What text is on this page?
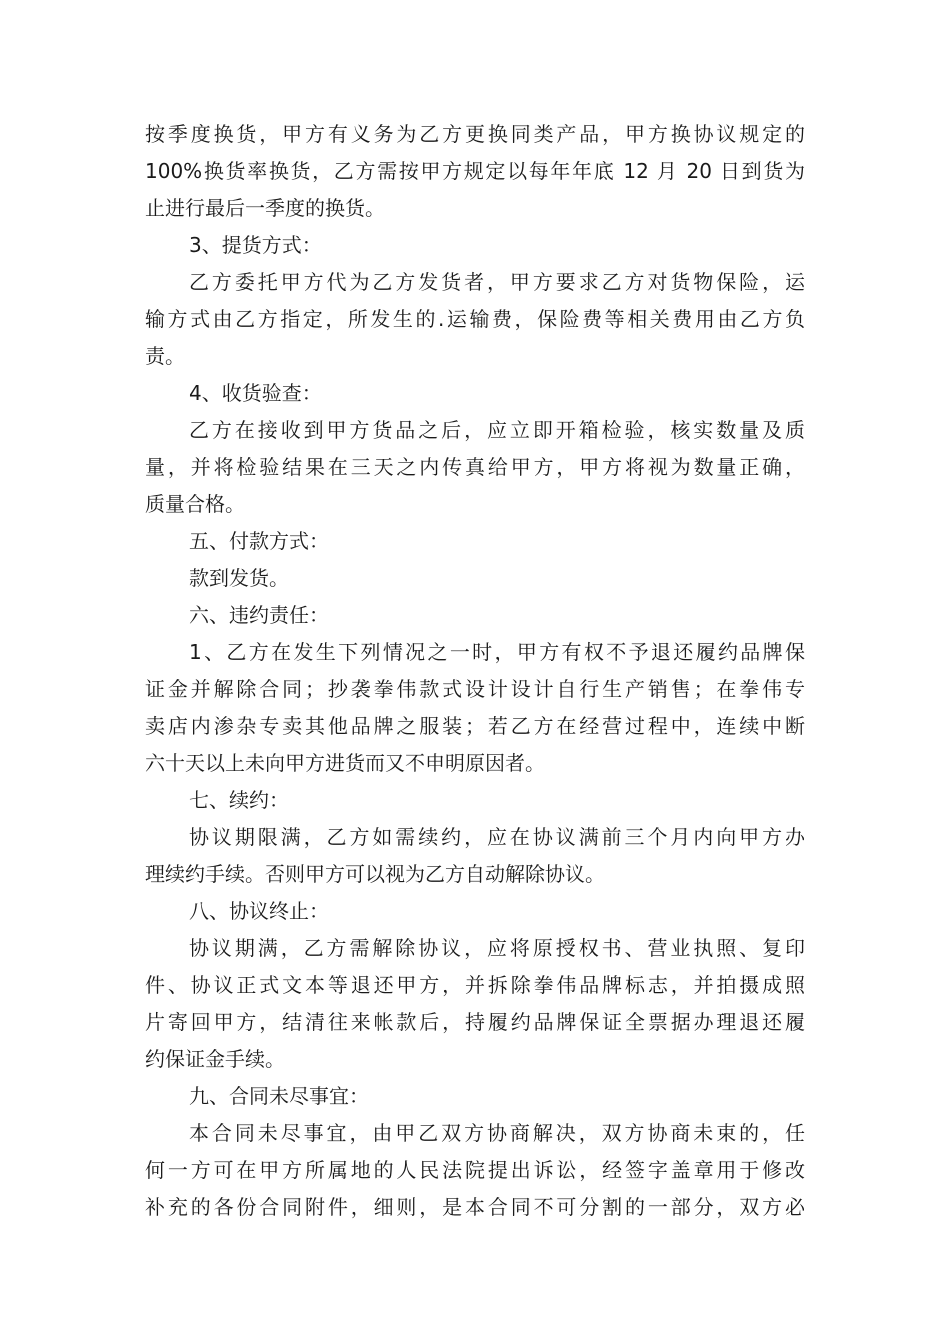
按季度换货，甲方有义务为乙方更换同类产品，甲方换协议规定的
100%换货率换货，乙方需按甲方规定以每年年底 12 月 20 日到货为
止进行最后一季度的换货。
3、提货方式：
乙方委托甲方代为乙方发货者，甲方要求乙方对货物保险，运
输方式由乙方指定，所发生的.运输费，保险费等相关费用由乙方负
责。
4、收货验查：
乙方在接收到甲方货品之后，应立即开箱检验，核实数量及质
量，并将检验结果在三天之内传真给甲方，甲方将视为数量正确，
质量合格。
五、付款方式：
款到发货。
六、违约责任：
1、乙方在发生下列情况之一时，甲方有权不予退还履约品牌保
证金并解除合同；抄袭拳伟款式设计设计自行生产销售；在拳伟专
卖店内渗杂专卖其他品牌之服装；若乙方在经营过程中，连续中断
六十天以上未向甲方进货而又不申明原因者。
七、续约：
协议期限满，乙方如需续约，应在协议满前三个月内向甲方办
理续约手续。否则甲方可以视为乙方自动解除协议。
八、协议终止：
协议期满，乙方需解除协议，应将原授权书、营业执照、复印
件、协议正式文本等退还甲方，并拆除拳伟品牌标志，并拍摄成照
片寄回甲方，结清往来帐款后，持履约品牌保证全票据办理退还履
约保证金手续。
九、合同未尽事宜：
本合同未尽事宜，由甲乙双方协商解决，双方协商未束的，任
何一方可在甲方所属地的人民法院提出诉讼，经签字盖章用于修改
补充的各份合同附件，细则，是本合同不可分割的一部分，双方必
